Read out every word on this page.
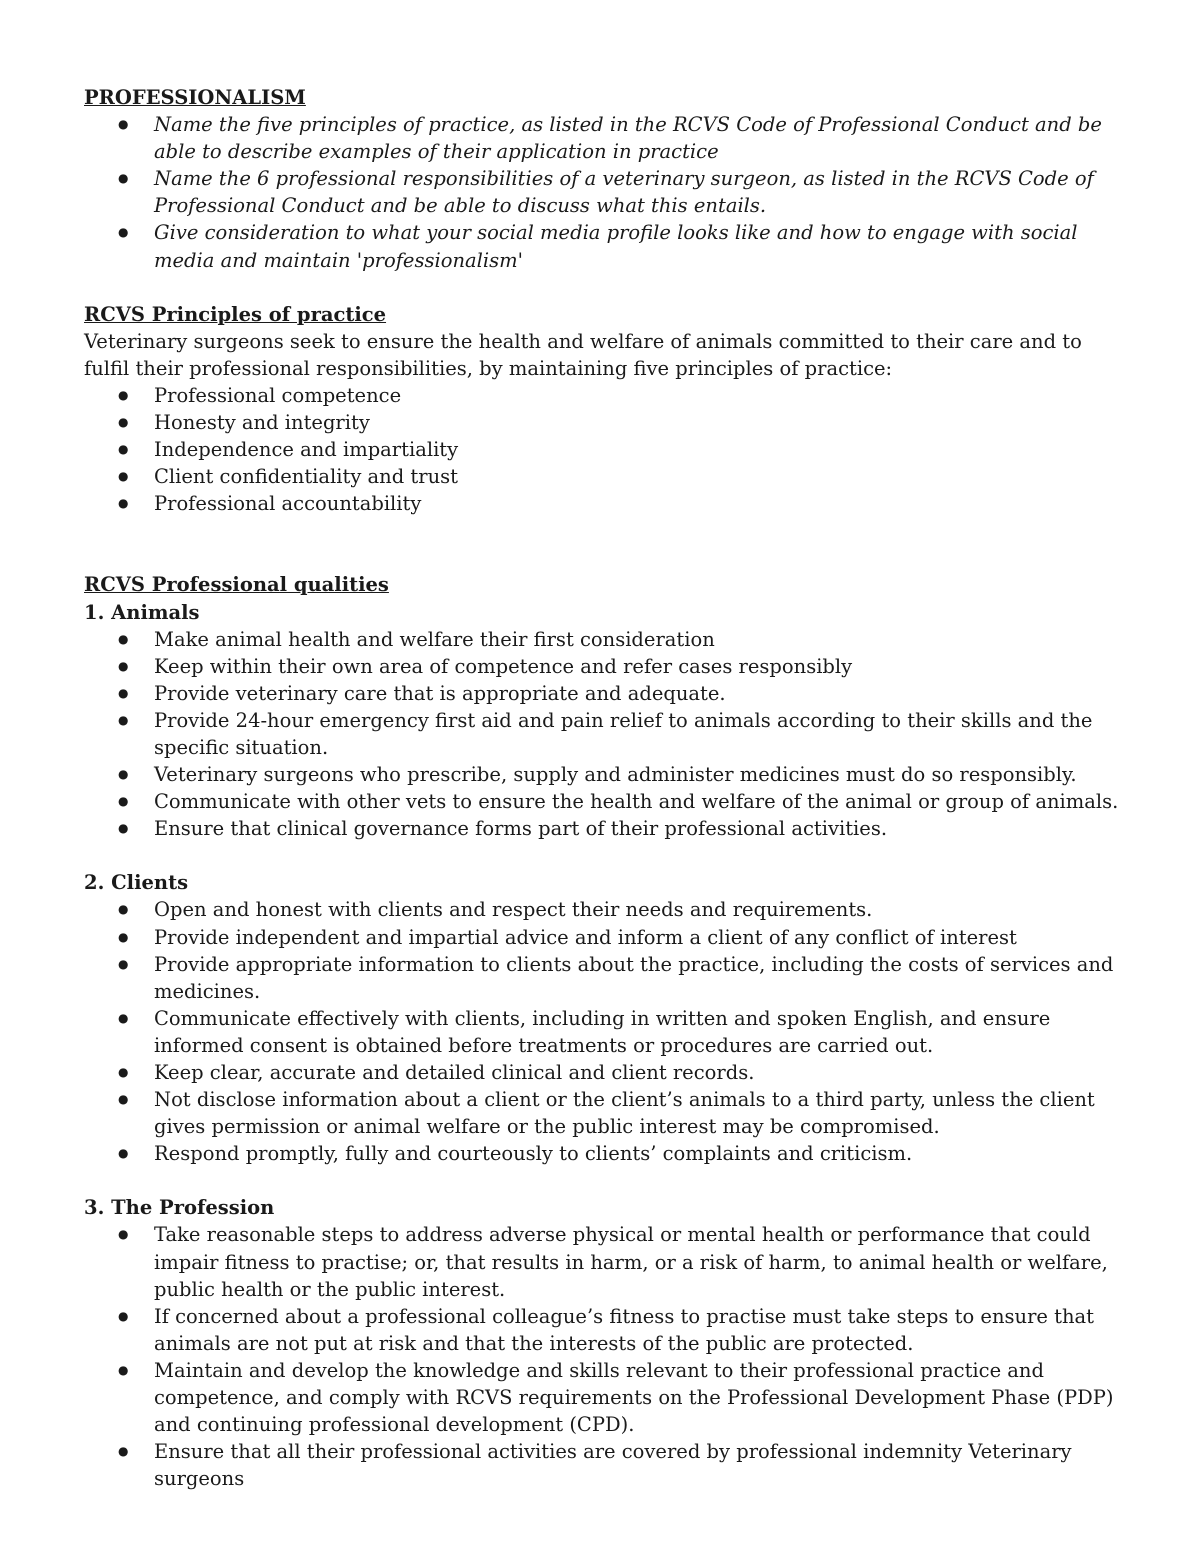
PROFESSIONALISM
● Name the five principles of practice, as listed in the RCVS Code of Professional Conduct and be able to describe examples of their application in practice
● Name the 6 professional responsibilities of a veterinary surgeon, as listed in the RCVS Code of Professional Conduct and be able to discuss what this entails.
● Give consideration to what your social media profile looks like and how to engage with social media and maintain 'professionalism'
RCVS Principles of practice

Veterinary surgeons seek to ensure the health and welfare of animals committed to their care and to fulfil their professional responsibilities, by maintaining five principles of practice:

● Professional competence
● Honesty and integrity
● Independence and impartiality
● Client confidentiality and trust
● Professional accountability
RCVS Professional qualities
1. Animals
● Make animal health and welfare their first consideration
● Keep within their own area of competence and refer cases responsibly
● Provide veterinary care that is appropriate and adequate.
● Provide 24-hour emergency first aid and pain relief to animals according to their skills and the specific situation.
● Veterinary surgeons who prescribe, supply and administer medicines must do so responsibly.
● Communicate with other vets to ensure the health and welfare of the animal or group of animals.
● Ensure that clinical governance forms part of their professional activities.
2. Clients
● Open and honest with clients and respect their needs and requirements.
● Provide independent and impartial advice and inform a client of any conflict of interest
● Provide appropriate information to clients about the practice, including the costs of services and medicines.
● Communicate effectively with clients, including in written and spoken English, and ensure informed consent is obtained before treatments or procedures are carried out.
● Keep clear, accurate and detailed clinical and client records.
● Not disclose information about a client or the client’s animals to a third party, unless the client gives permission or animal welfare or the public interest may be compromised.
● Respond promptly, fully and courteously to clients’ complaints and criticism.
3. The Profession
● Take reasonable steps to address adverse physical or mental health or performance that could impair fitness to practise; or, that results in harm, or a risk of harm, to animal health or welfare, public health or the public interest.
● If concerned about a professional colleague’s fitness to practise must take steps to ensure that animals are not put at risk and that the interests of the public are protected.
● Maintain and develop the knowledge and skills relevant to their professional practice and competence, and comply with RCVS requirements on the Professional Development Phase (PDP) and continuing professional development (CPD).
● Ensure that all their professional activities are covered by professional indemnity Veterinary surgeons
